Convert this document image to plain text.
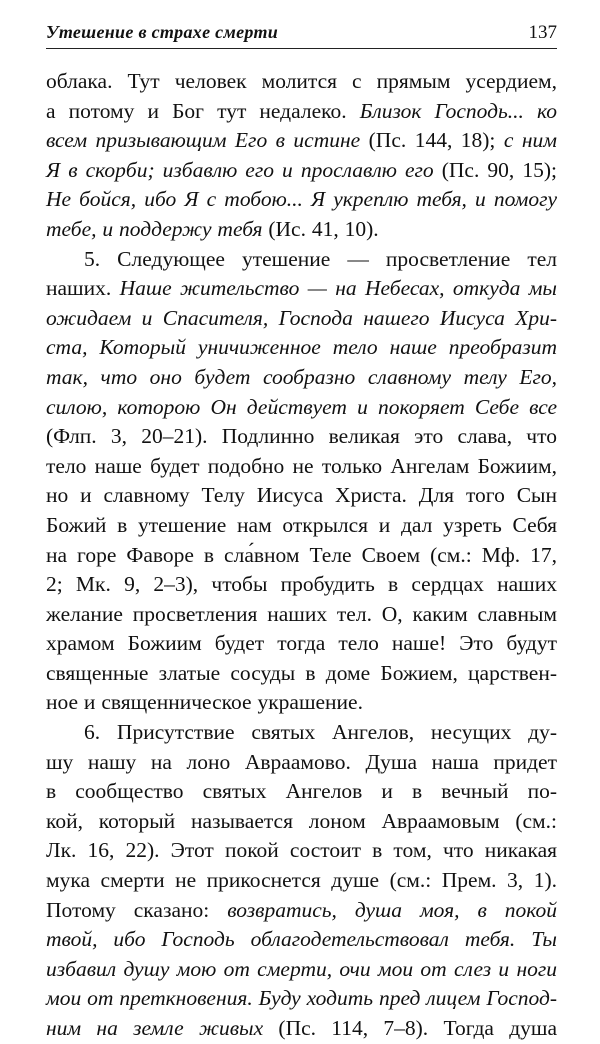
Утешение в страхе смерти	137
облака. Тут человек молится с прямым усердием,
а потому и Бог тут недалеко. Близок Господь... ко
всем призывающим Его в истине (Пс. 144, 18); с ним
Я в скорби; избавлю его и прославлю его (Пс. 90, 15);
Не бойся, ибо Я с тобою... Я укреплю тебя, и помогу
тебе, и поддержу тебя (Ис. 41, 10).
5. Следующее утешение — просветление тел
наших. Наше жительство — на Небесах, откуда мы
ожидаем и Спасителя, Господа нашего Иисуса Хри-
ста, Который уничиженное тело наше преобразит
так, что оно будет сообразно славному телу Его,
силою, которою Он действует и покоряет Себе все
(Флп. 3, 20–21). Подлинно великая это слава, что
тело наше будет подобно не только Ангелам Божиим,
но и славному Телу Иисуса Христа. Для того Сын
Божий в утешение нам открылся и дал узреть Себя
на горе Фаворе в сла́вном Теле Своем (см.: Мф. 17,
2; Мк. 9, 2–3), чтобы пробудить в сердцах наших
желание просветления наших тел. О, каким славным
храмом Божиим будет тогда тело наше! Это будут
священные златые сосуды в доме Божием, царствен-
ное и священническое украшение.
6. Присутствие святых Ангелов, несущих ду-
шу нашу на лоно Авраамово. Душа наша придет
в сообщество святых Ангелов и в вечный по-
кой, который называется лоном Авраамовым (см.:
Лк. 16, 22). Этот покой состоит в том, что никакая
мука смерти не прикоснется душе (см.: Прем. 3, 1).
Потому сказано: возвратись, душа моя, в покой
твой, ибо Господь облагодетельствовал тебя. Ты
избавил душу мою от смерти, очи мои от слез и ноги
мои от преткновения. Буду ходить пред лицем Господ-
ним на земле живых (Пс. 114, 7–8). Тогда душа
